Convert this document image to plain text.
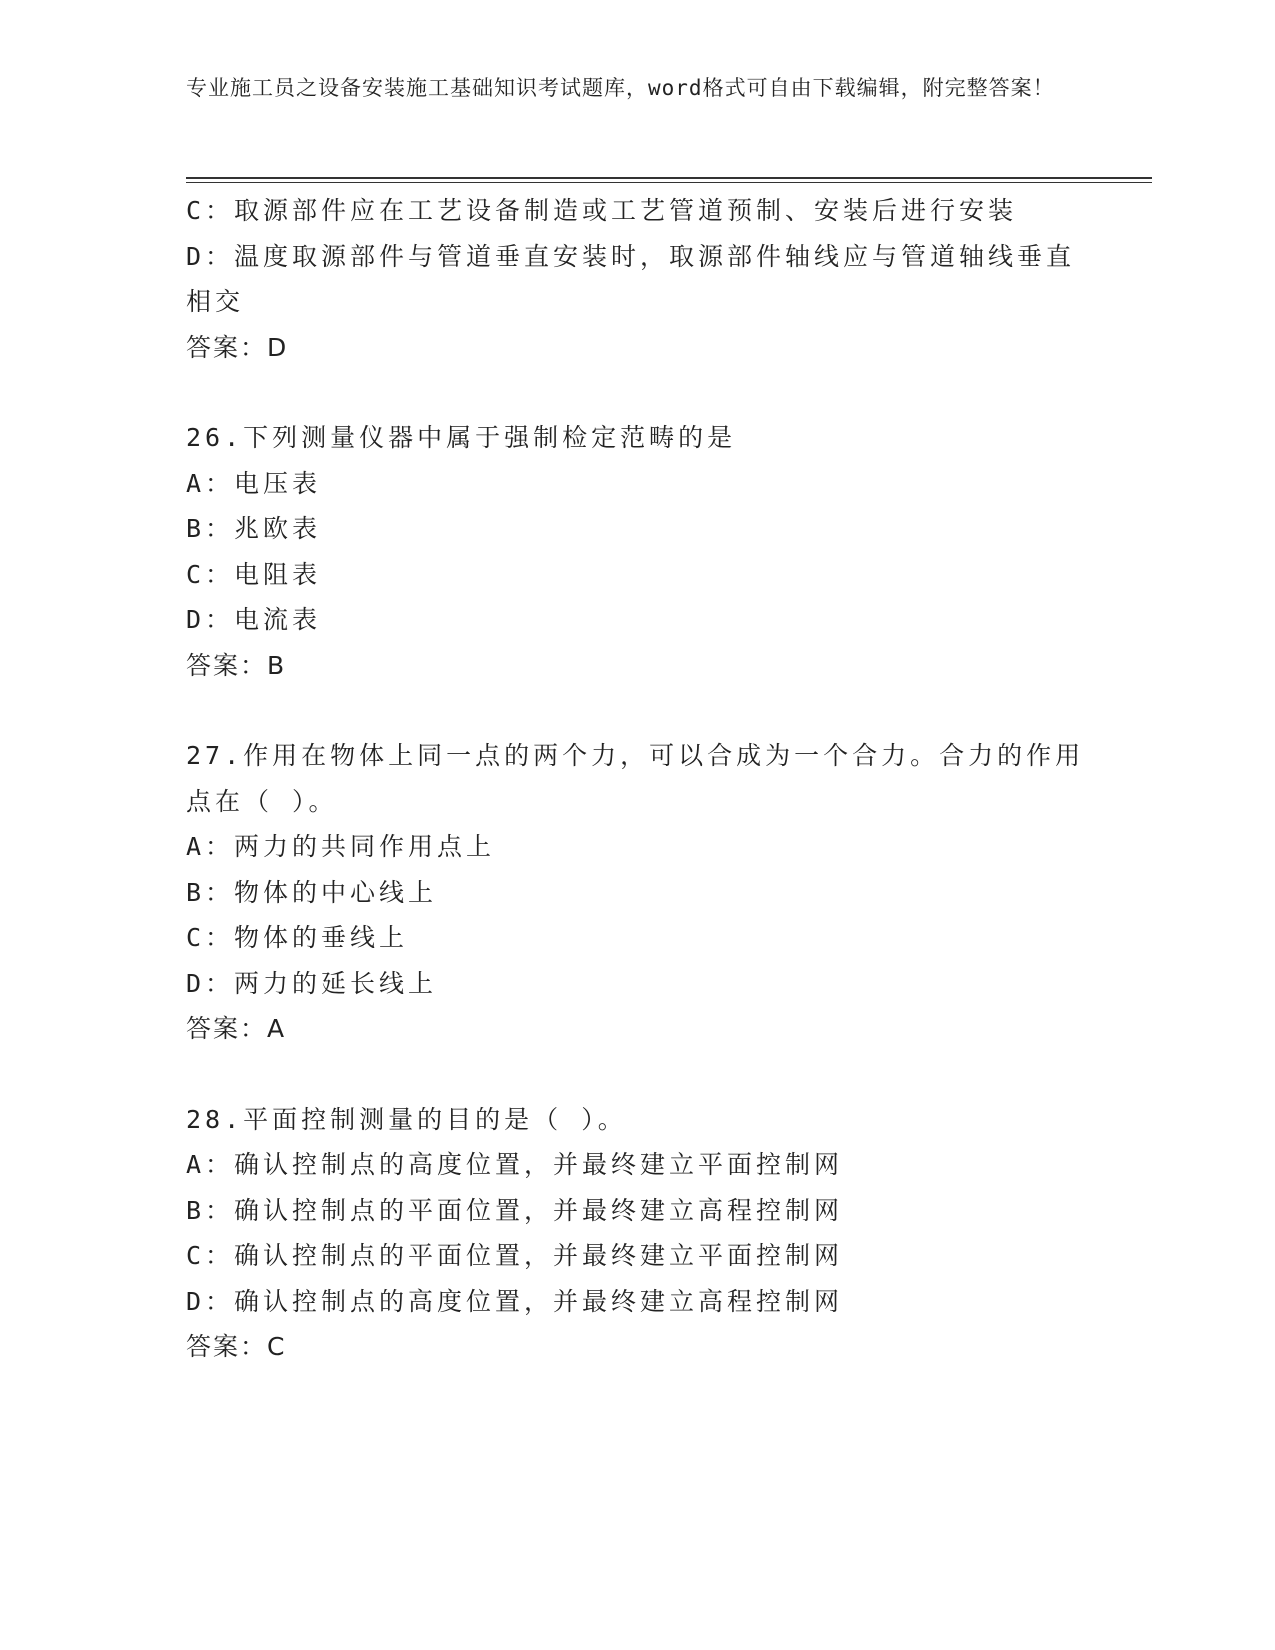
专业施工员之设备安装施工基础知识考试题库，word格式可自由下载编辑，附完整答案！
C：取源部件应在工艺设备制造或工艺管道预制、安装后进行安装
D：温度取源部件与管道垂直安装时，取源部件轴线应与管道轴线垂直相交
答案：D
26.下列测量仪器中属于强制检定范畴的是
A：电压表
B：兆欧表
C：电阻表
D：电流表
答案：B
27.作用在物体上同一点的两个力，可以合成为一个合力。合力的作用点在（ ）。
A：两力的共同作用点上
B：物体的中心线上
C：物体的垂线上
D：两力的延长线上
答案：A
28.平面控制测量的目的是（ ）。
A：确认控制点的高度位置，并最终建立平面控制网
B：确认控制点的平面位置，并最终建立高程控制网
C：确认控制点的平面位置，并最终建立平面控制网
D：确认控制点的高度位置，并最终建立高程控制网
答案：C
